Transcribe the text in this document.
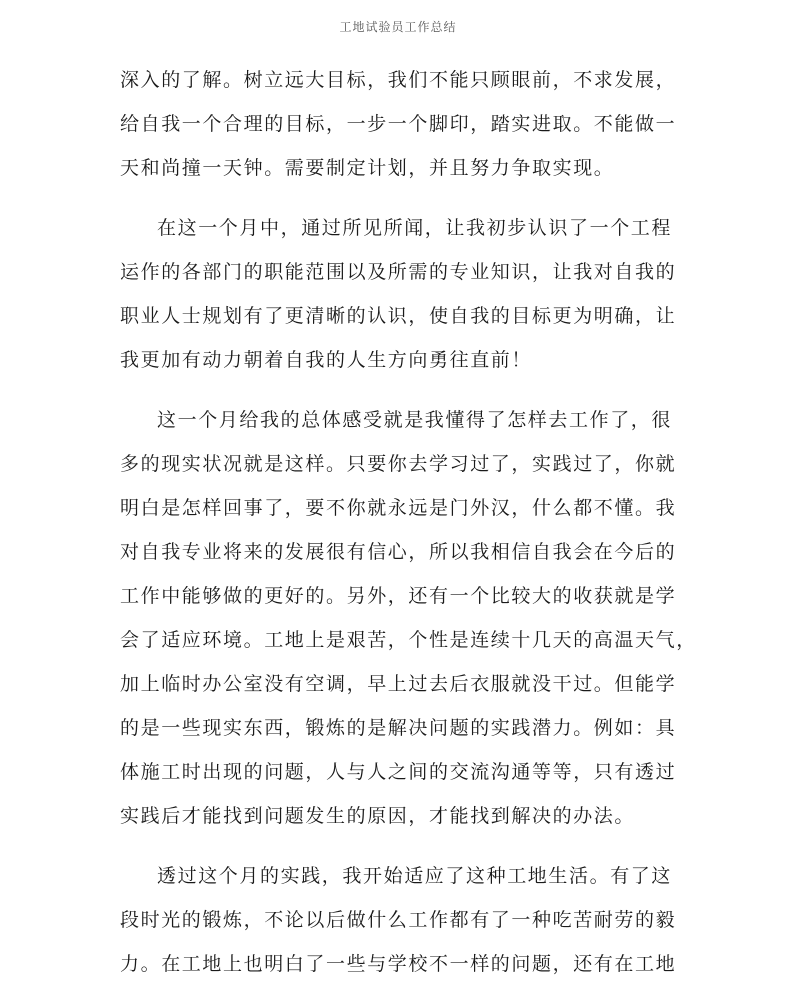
工地试验员工作总结
深入的了解。树立远大目标，我们不能只顾眼前，不求发展，
给自我一个合理的目标，一步一个脚印，踏实进取。不能做一
天和尚撞一天钟。需要制定计划，并且努力争取实现。
在这一个月中，通过所见所闻，让我初步认识了一个工程
运作的各部门的职能范围以及所需的专业知识，让我对自我的
职业人士规划有了更清晰的认识，使自我的目标更为明确，让
我更加有动力朝着自我的人生方向勇往直前！
这一个月给我的总体感受就是我懂得了怎样去工作了，很
多的现实状况就是这样。只要你去学习过了，实践过了，你就
明白是怎样回事了，要不你就永远是门外汉，什么都不懂。我
对自我专业将来的发展很有信心，所以我相信自我会在今后的
工作中能够做的更好的。另外，还有一个比较大的收获就是学
会了适应环境。工地上是艰苦，个性是连续十几天的高温天气，
加上临时办公室没有空调，早上过去后衣服就没干过。但能学
的是一些现实东西，锻炼的是解决问题的实践潜力。例如：具
体施工时出现的问题，人与人之间的交流沟通等等，只有透过
实践后才能找到问题发生的原因，才能找到解决的办法。
透过这个月的实践，我开始适应了这种工地生活。有了这
段时光的锻炼，不论以后做什么工作都有了一种吃苦耐劳的毅
力。在工地上也明白了一些与学校不一样的问题，还有在工地
